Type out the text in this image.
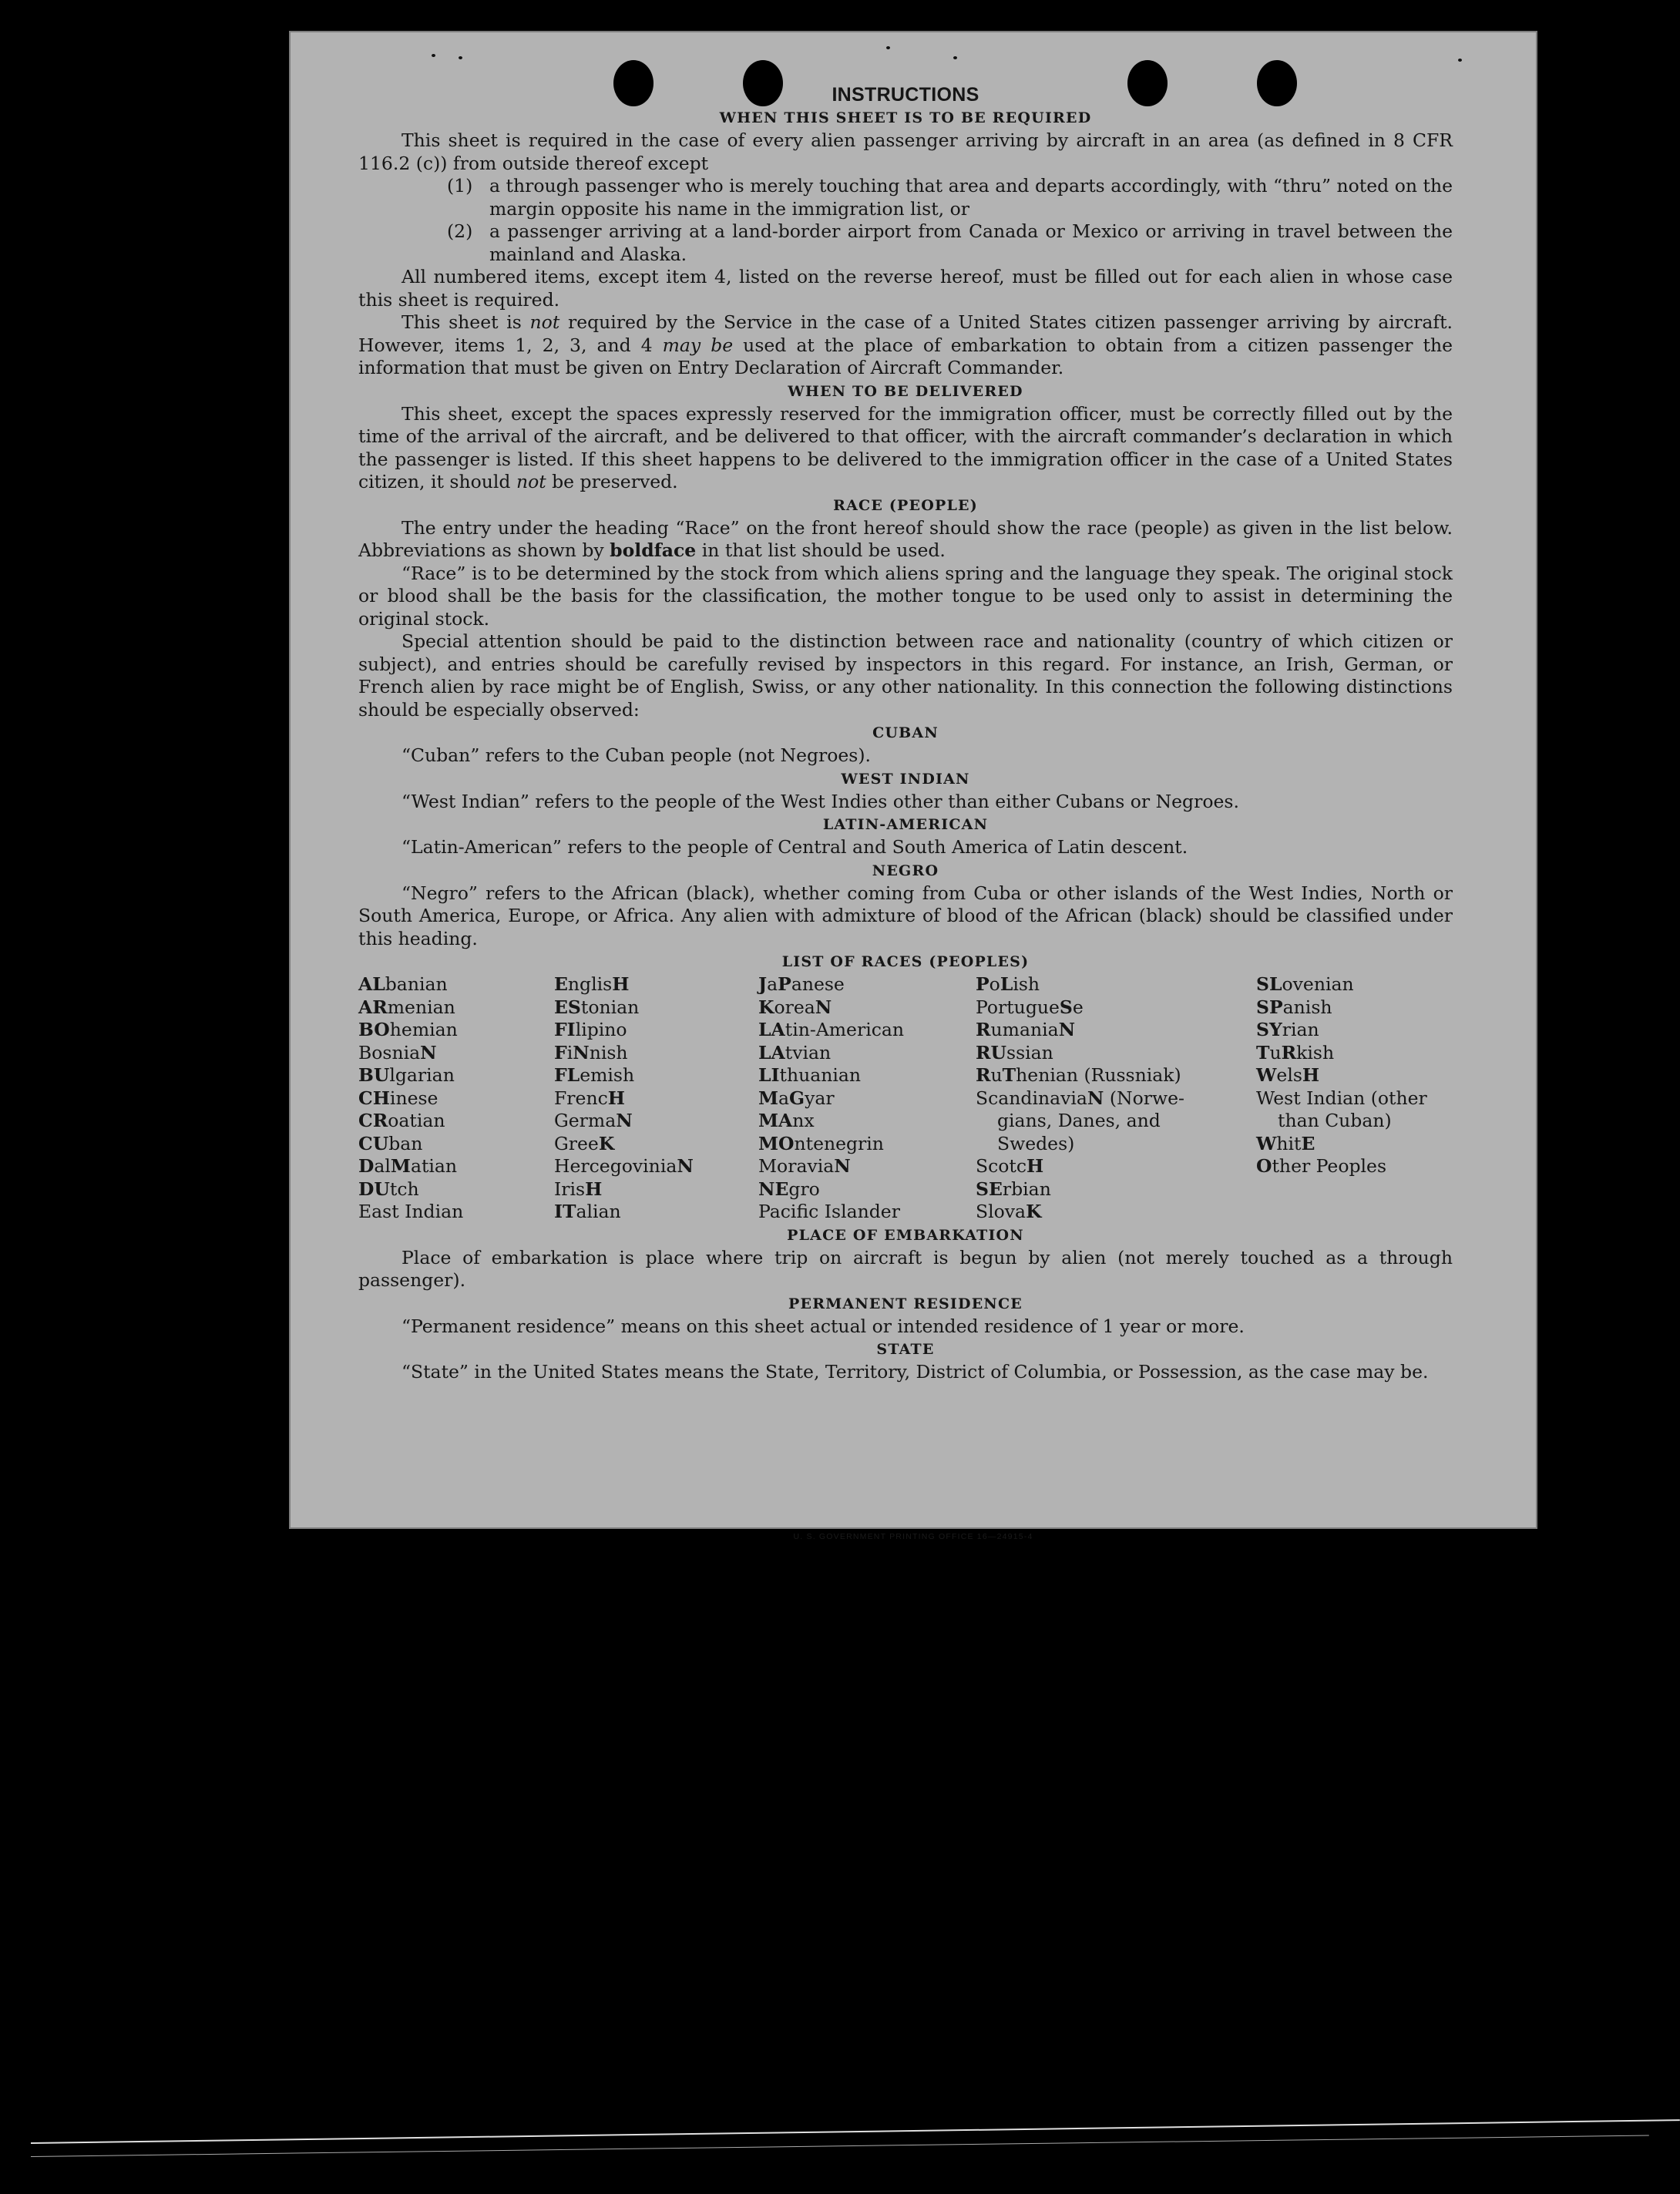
INSTRUCTIONS
WHEN THIS SHEET IS TO BE REQUIRED

This sheet is required in the case of every alien passenger arriving by aircraft in an area (as defined in 8 CFR 116.2 (c)) from outside thereof except

(1) a through passenger who is merely touching that area and departs accordingly, with “thru” noted on the margin opposite his name in the immigration list, or
(2) a passenger arriving at a land-border airport from Canada or Mexico or arriving in travel between the mainland and Alaska.

All numbered items, except item 4, listed on the reverse hereof, must be filled out for each alien in whose case this sheet is required.

This sheet is not required by the Service in the case of a United States citizen passenger arriving by aircraft. However, items 1, 2, 3, and 4 may be used at the place of embarkation to obtain from a citizen passenger the information that must be given on Entry Declaration of Aircraft Commander.

WHEN TO BE DELIVERED

This sheet, except the spaces expressly reserved for the immigration officer, must be correctly filled out by the time of the arrival of the aircraft, and be delivered to that officer, with the aircraft commander’s declaration in which the passenger is listed. If this sheet happens to be delivered to the immigration officer in the case of a United States citizen, it should not be preserved.

RACE (PEOPLE)

The entry under the heading “Race” on the front hereof should show the race (people) as given in the list below. Abbreviations as shown by boldface in that list should be used.

“Race” is to be determined by the stock from which aliens spring and the language they speak. The original stock or blood shall be the basis for the classification, the mother tongue to be used only to assist in determining the original stock.

Special attention should be paid to the distinction between race and nationality (country of which citizen or subject), and entries should be carefully revised by inspectors in this regard. For instance, an Irish, German, or French alien by race might be of English, Swiss, or any other nationality. In this connection the following distinctions should be especially observed:

CUBAN

“Cuban” refers to the Cuban people (not Negroes).

WEST INDIAN

“West Indian” refers to the people of the West Indies other than either Cubans or Negroes.

LATIN-AMERICAN

“Latin-American” refers to the people of Central and South America of Latin descent.

NEGRO

“Negro” refers to the African (black), whether coming from Cuba or other islands of the West Indies, North or South America, Europe, or Africa. Any alien with admixture of blood of the African (black) should be classified under this heading.

LIST OF RACES (PEOPLES)
ALbanian	EnglisH	JaPanese	PoLish	SLovenian
ARmenian	EStonian	KoreaN	PortugueSe	SPanish
BOhemian	FIlipino	LAtin-American	RumaniaN	SYrian
BosniaN	FiNnish	LAtvian	RUssian	TuRkish
BUlgarian	FLemish	LIthuanian	RuThenian (Russniak)	WelsH
CHinese	FrencH	MaGyar	ScandinaviaN (Norwe-	West Indian (other
CRoatian	GermaN	MAnx	gians, Danes, and	than Cuban)
CUban	GreeK	MOntenegrin	Swedes)	WhitE
DalMatian	HercegoviniaN	MoraviaN	ScotcH	Other Peoples
DUtch	IrisH	NEgro	SErbian
East Indian	ITalian	Pacific Islander	SlovaK
PLACE OF EMBARKATION

Place of embarkation is place where trip on aircraft is begun by alien (not merely touched as a through passenger).

PERMANENT RESIDENCE

“Permanent residence” means on this sheet actual or intended residence of 1 year or more.

STATE

“State” in the United States means the State, Territory, District of Columbia, or Possession, as the case may be.

U. S. GOVERNMENT PRINTING OFFICE 16—24915-4
